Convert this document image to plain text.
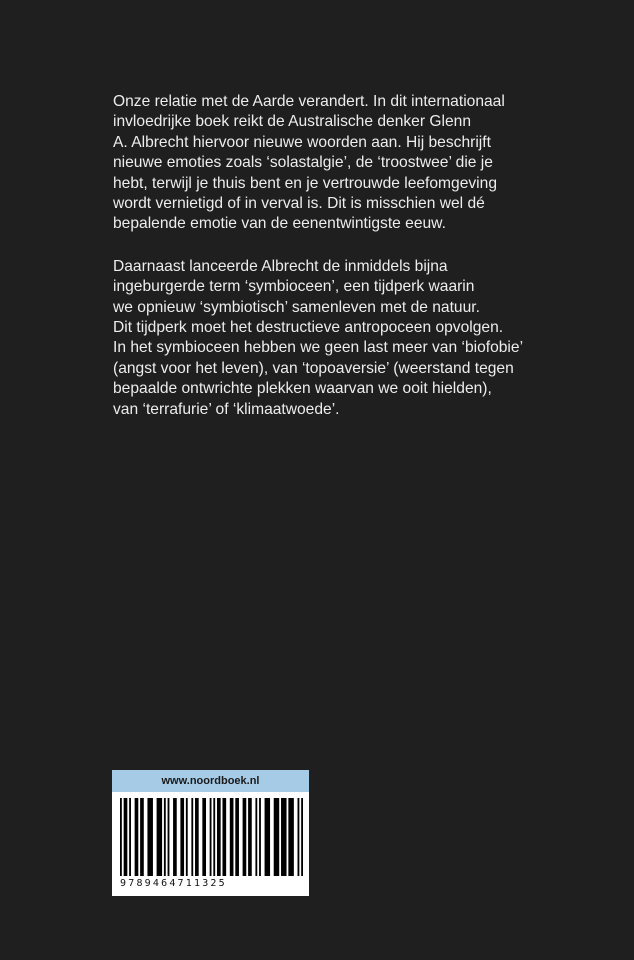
Onze relatie met de Aarde verandert. In dit internationaal
invloedrijke boek reikt de Australische denker Glenn
A. Albrecht hiervoor nieuwe woorden aan. Hij beschrijft
nieuwe emoties zoals ‘solastalgie’, de ‘troostwee’ die je
hebt, terwijl je thuis bent en je vertrouwde leefomgeving
wordt vernietigd of in verval is. Dit is misschien wel dé
bepalende emotie van de eenentwintigste eeuw.

Daarnaast lanceerde Albrecht de inmiddels bijna
ingeburgerde term ‘symbioceen’, een tijdperk waarin
we opnieuw ‘symbiotisch’ samenleven met de natuur.
Dit tijdperk moet het destructieve antropoceen opvolgen.
In het symbioceen hebben we geen last meer van ‘biofobie’
(angst voor het leven), van ‘topoaversie’ (weerstand tegen
bepaalde ontwrichte plekken waarvan we ooit hielden),
van ‘terrafurie’ of ‘klimaatwoede’.

www.noordboek.nl
9789464711325
